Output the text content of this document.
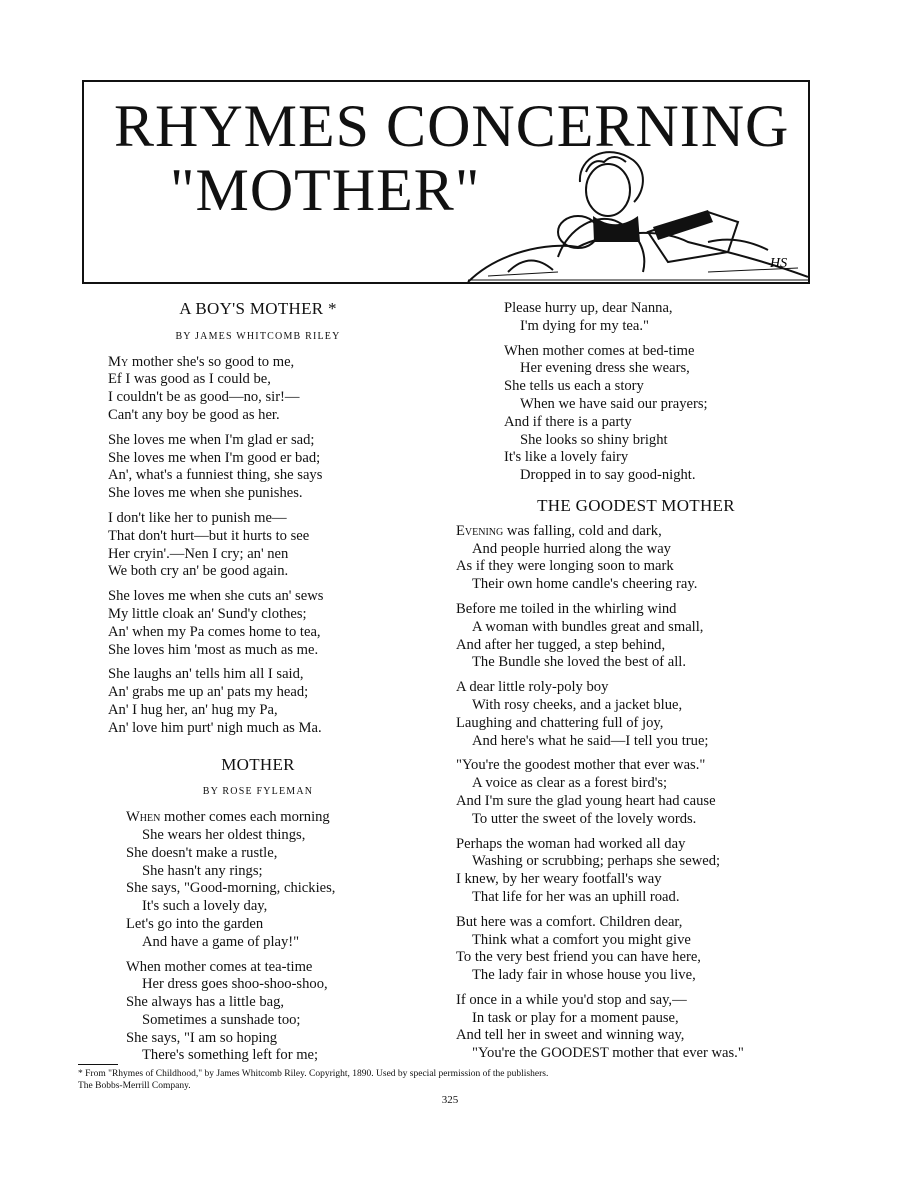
RHYMES CONCERNING
"MOTHER"
HS
A BOY'S MOTHER *
BY JAMES WHITCOMB RILEY
My mother she's so good to me,
Ef I was good as I could be,
I couldn't be as good—no, sir!—
Can't any boy be good as her.
She loves me when I'm glad er sad;
She loves me when I'm good er bad;
An', what's a funniest thing, she says
She loves me when she punishes.
I don't like her to punish me—
That don't hurt—but it hurts to see
Her cryin'.—Nen I cry; an' nen
We both cry an' be good again.
She loves me when she cuts an' sews
My little cloak an' Sund'y clothes;
An' when my Pa comes home to tea,
She loves him 'most as much as me.
She laughs an' tells him all I said,
An' grabs me up an' pats my head;
An' I hug her, an' hug my Pa,
An' love him purt' nigh much as Ma.
MOTHER
BY ROSE FYLEMAN
When mother comes each morning
She wears her oldest things,
She doesn't make a rustle,
She hasn't any rings;
She says, "Good-morning, chickies,
It's such a lovely day,
Let's go into the garden
And have a game of play!"
When mother comes at tea-time
Her dress goes shoo-shoo-shoo,
She always has a little bag,
Sometimes a sunshade too;
She says, "I am so hoping
There's something left for me;
Please hurry up, dear Nanna,
I'm dying for my tea."
When mother comes at bed-time
Her evening dress she wears,
She tells us each a story
When we have said our prayers;
And if there is a party
She looks so shiny bright
It's like a lovely fairy
Dropped in to say good-night.
THE GOODEST MOTHER
Evening was falling, cold and dark,
And people hurried along the way
As if they were longing soon to mark
Their own home candle's cheering ray.
Before me toiled in the whirling wind
A woman with bundles great and small,
And after her tugged, a step behind,
The Bundle she loved the best of all.
A dear little roly-poly boy
With rosy cheeks, and a jacket blue,
Laughing and chattering full of joy,
And here's what he said—I tell you true;
"You're the goodest mother that ever was."
A voice as clear as a forest bird's;
And I'm sure the glad young heart had cause
To utter the sweet of the lovely words.
Perhaps the woman had worked all day
Washing or scrubbing; perhaps she sewed;
I knew, by her weary footfall's way
That life for her was an uphill road.
But here was a comfort. Children dear,
Think what a comfort you might give
To the very best friend you can have here,
The lady fair in whose house you live,
If once in a while you'd stop and say,—
In task or play for a moment pause,
And tell her in sweet and winning way,
"You're the GOODEST mother that ever was."
* From "Rhymes of Childhood," by James Whitcomb Riley. Copyright, 1890. Used by special permission of the publishers.
The Bobbs-Merrill Company.
325
